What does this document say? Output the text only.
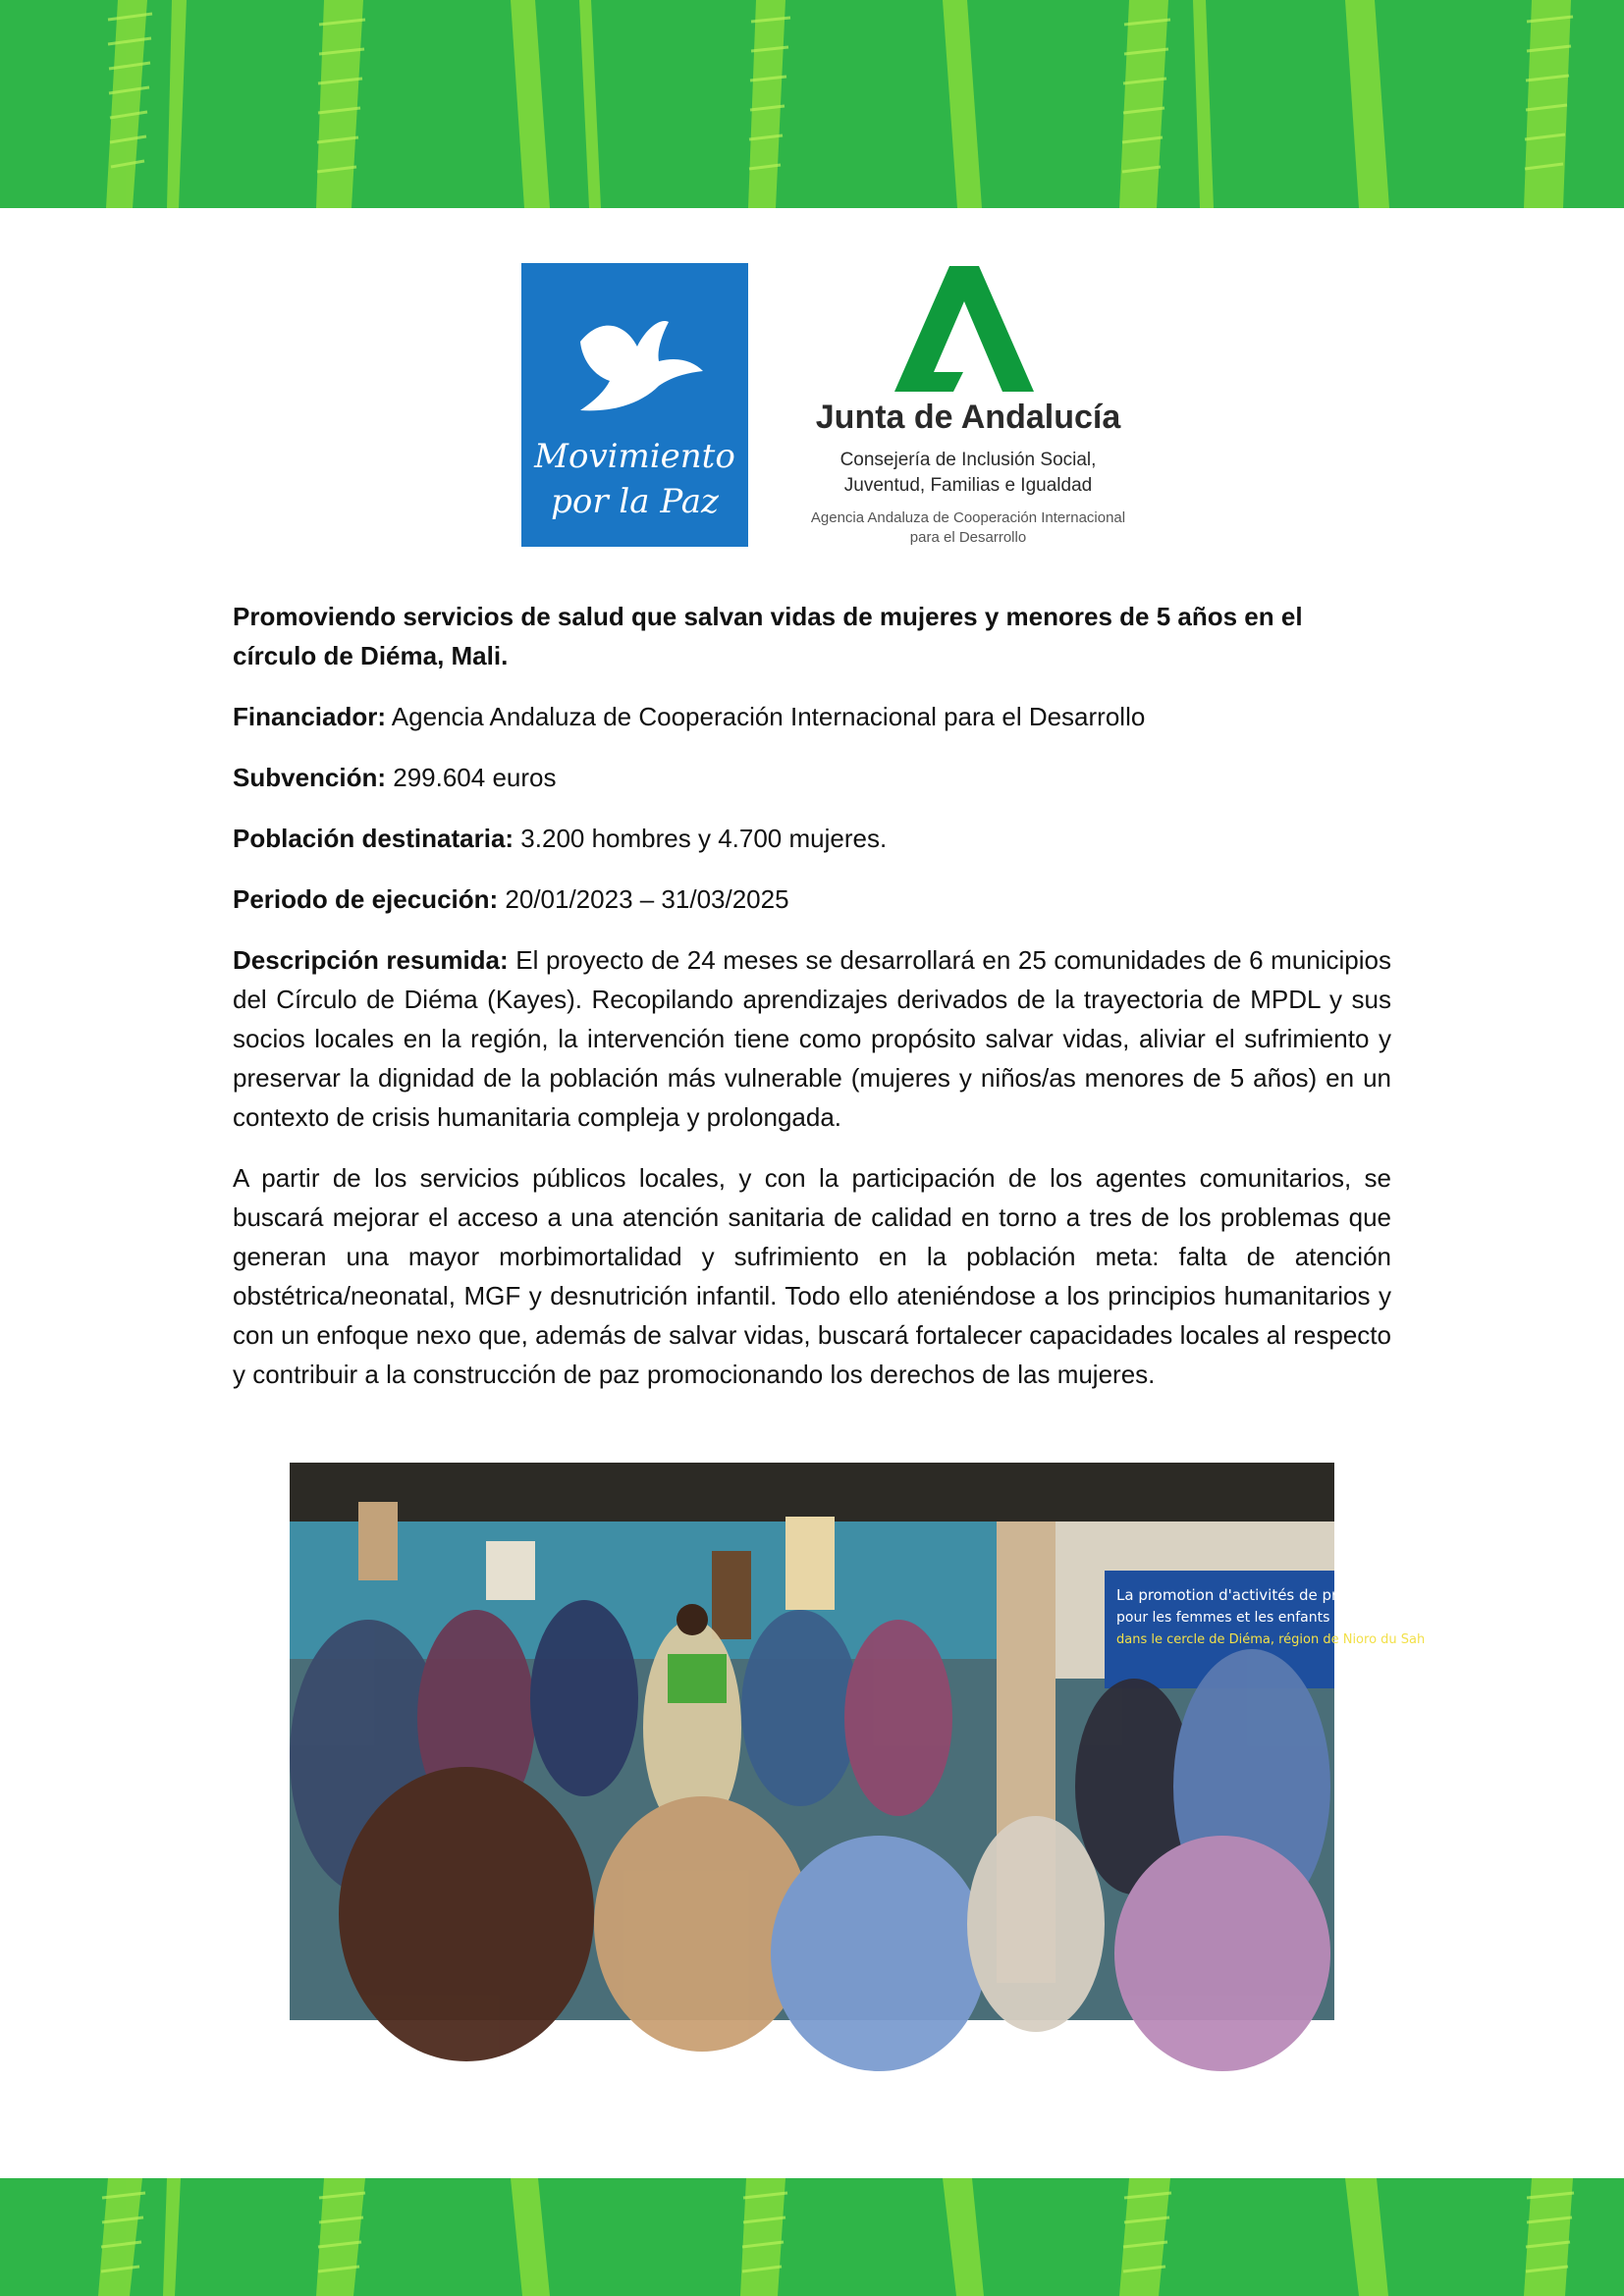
MPDL
Movimiento
por la Paz
Junta de Andalucía
Consejería de Inclusión Social,
Juventud, Familias e Igualdad
Agencia Andaluza de Cooperación Internacional
para el Desarrollo

Promoviendo servicios de salud que salvan vidas de mujeres y menores de 5 años en el círculo de Diéma, Mali.

Financiador: Agencia Andaluza de Cooperación Internacional para el Desarrollo

Subvención: 299.604 euros

Población destinataria: 3.200 hombres y 4.700 mujeres.

Periodo de ejecución: 20/01/2023 – 31/03/2025

Descripción resumida: El proyecto de 24 meses se desarrollará en 25 comunidades de 6 municipios del Círculo de Diéma (Kayes). Recopilando aprendizajes derivados de la trayectoria de MPDL y sus socios locales en la región, la intervención tiene como propósito salvar vidas, aliviar el sufrimiento y preservar la dignidad de la población más vulnerable (mujeres y niños/as menores de 5 años) en un contexto de crisis humanitaria compleja y prolongada.

A partir de los servicios públicos locales, y con la participación de los agentes comunitarios, se buscará mejorar el acceso a una atención sanitaria de calidad en torno a tres de los problemas que generan una mayor morbimortalidad y sufrimiento en la población meta: falta de atención obstétrica/neonatal, MGF y desnutrición infantil. Todo ello ateniéndose a los principios humanitarios y con un enfoque nexo que, además de salvar vidas, buscará fortalecer capacidades locales al respecto y contribuir a la construcción de paz promocionando los derechos de las mujeres.

La promotion d'activités de promotion de la sa
pour les femmes et les enfants de moins d
dans le cercle de Diéma, région de Nioro du Sah
